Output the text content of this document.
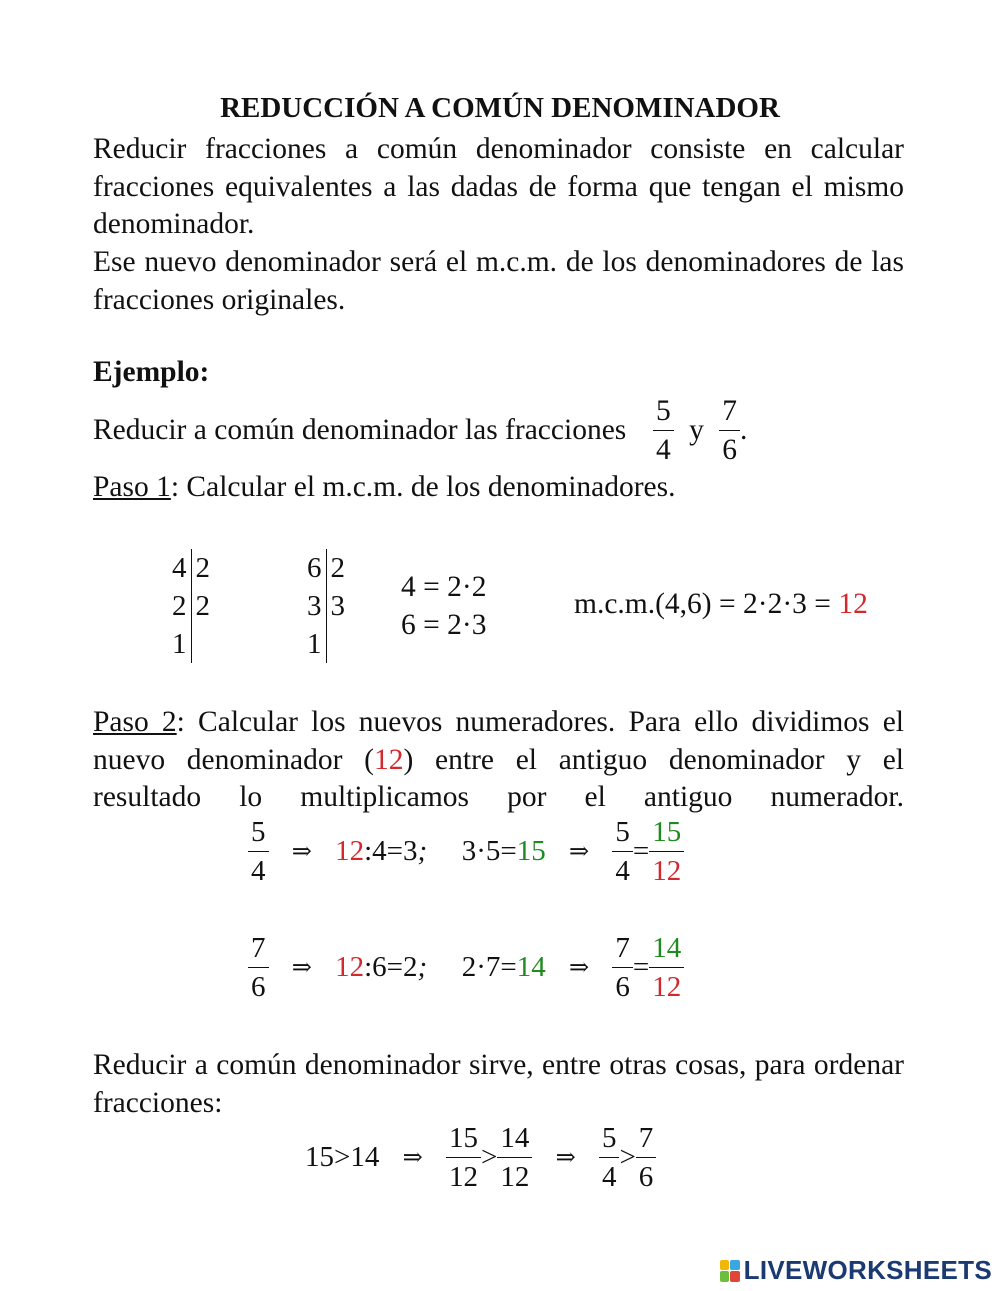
REDUCCIÓN A COMÚN DENOMINADOR
Reducir fracciones a común denominador consiste en calcular fracciones equivalentes a las dadas de forma que tengan el mismo denominador.
Ese nuevo denominador será el m.c.m. de los denominadores de las fracciones originales.
Ejemplo:
Reducir a común denominador las fracciones $\frac{5}{4}$ y $\frac{7}{6}$ .
Paso 1: Calcular el m.c.m. de los denominadores.
4
2
1
2
2

6
3
1
2
3

4 = 2·2
6 = 2·3
m.c.m.(4,6) = 2·2·3 = 12
Paso 2: Calcular los nuevos numeradores. Para ello dividimos el nuevo denominador (12) entre el antiguo denominador y el resultado lo multiplicamos por el antiguo numerador.
$\frac{5}{4}$ ⇒ 12:4=3; 3·5=15 ⇒ $\frac{5}{4} = \frac{15}{12}$
$\frac{7}{6}$ ⇒ 12:6=2; 2·7=14 ⇒ $\frac{7}{6} = \frac{14}{12}$
Reducir a común denominador sirve, entre otras cosas, para ordenar fracciones:
15>14 ⇒ $\frac{15}{12} > \frac{14}{12}$ ⇒ $\frac{5}{4} > \frac{7}{6}$
LIVEWORKSHEETS
